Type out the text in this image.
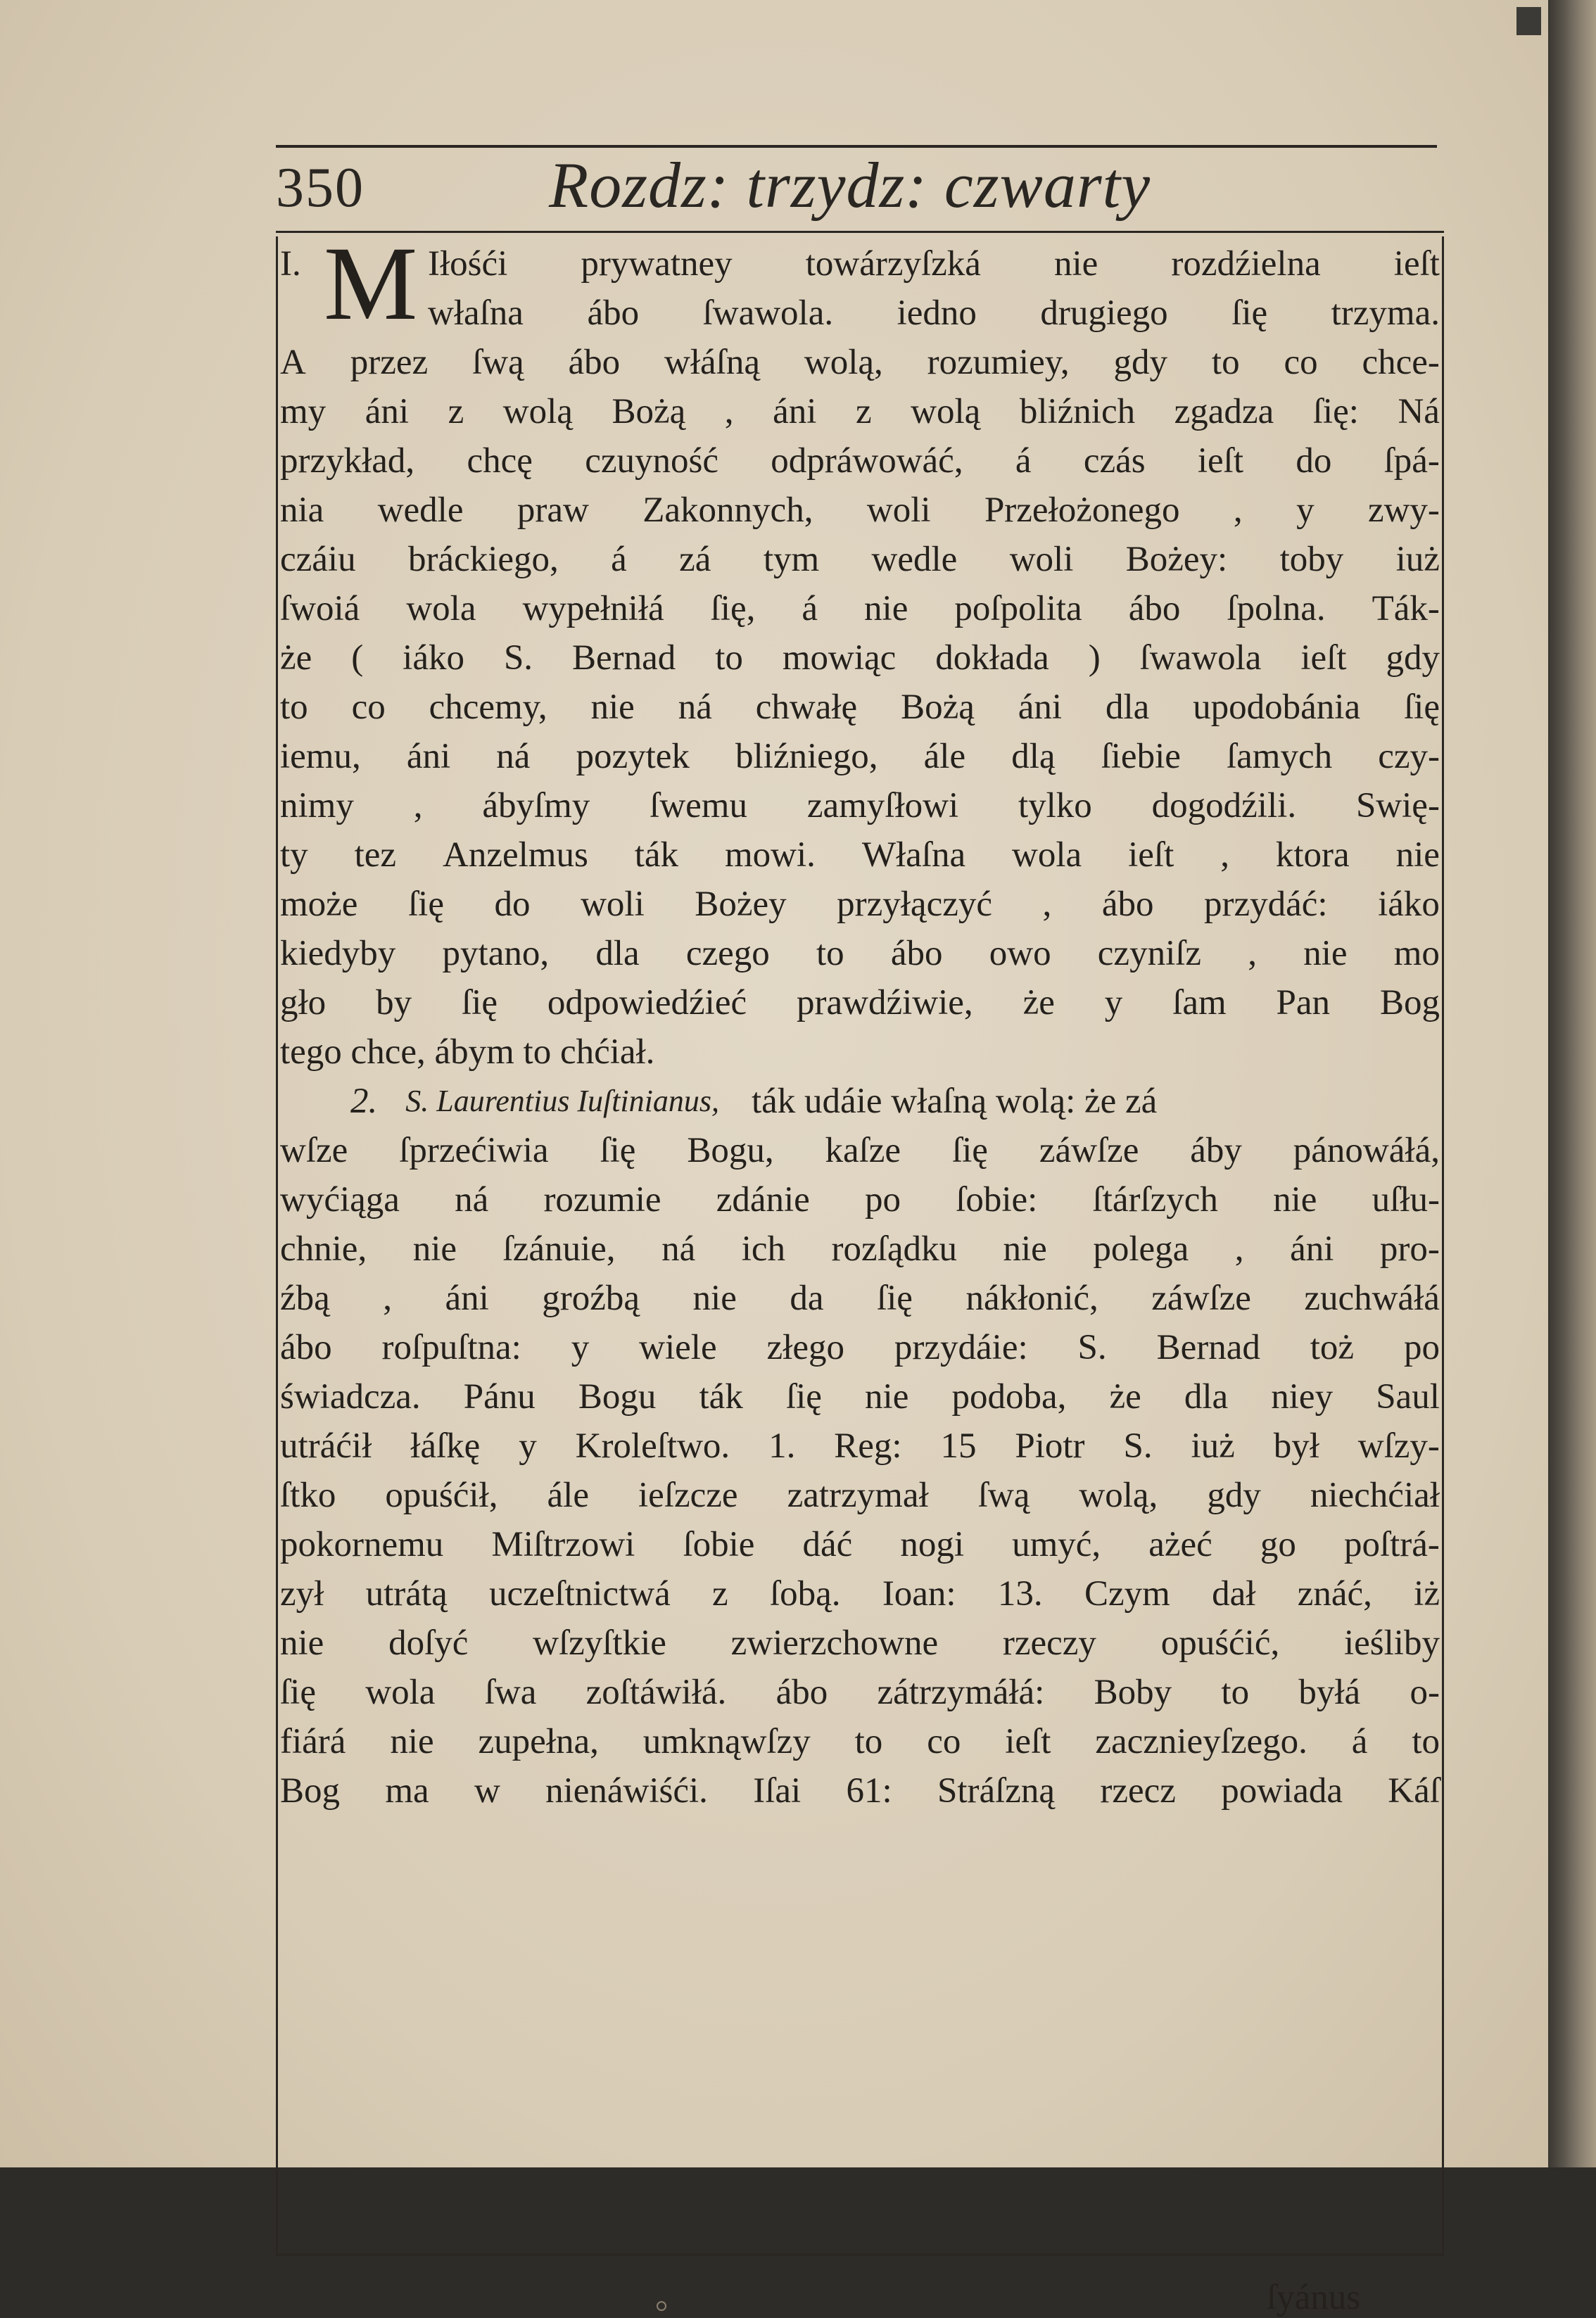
350	Rozdz: trzydz: czwarty
I. M Iłośći prywatney towárzyſzká nie rozdźielna ieſt
właſna ábo ſwawola. iedno drugiego ſię trzyma.
A przez ſwą ábo włáſną wolą, rozumiey, gdy to co chce-
my áni z wolą Bożą , áni z wolą bliźnich zgadza ſię: Ná
przykład, chcę czuyność odpráwowáć, á czás ieſt do ſpá-
nia wedle praw Zakonnych, woli Przełożonego , y zwy-
czáiu bráckiego, á zá tym wedle woli Bożey: toby iuż
ſwoiá wola wypełniłá ſię, á nie poſpolita ábo ſpolna. Ták-
że ( iáko S. Bernad to mowiąc dokłada ) ſwawola ieſt gdy
to co chcemy, nie ná chwałę Bożą áni dla upodobánia ſię
iemu, áni ná pozytek bliźniego, ále dlą ſiebie ſamych czy-
nimy , ábyſmy ſwemu zamyſłowi tylko dogodźili. Swię-
ty tez Anzelmus ták mowi. Właſna wola ieſt , ktora nie
może ſię do woli Bożey przyłączyć , ábo przydáć: iáko
kiedyby pytano, dla czego to ábo owo czyniſz , nie mo
gło by ſię odpowiedźieć prawdźiwie, że y ſam Pan Bog
tego chce, ábym to chćiał.
2. S. Laurentius Iuſtinianus, ták udáie właſną wolą: że zá
wſze ſprzećiwia ſię Bogu, kaſze ſię záwſze áby pánowáłá,
wyćiąga ná rozumie zdánie po ſobie: ſtárſzych nie uſłu-
chnie, nie ſzánuie, ná ich rozſądku nie polega , áni pro-
źbą , áni groźbą nie da ſię nákłonić, záwſze zuchwáłá
ábo roſpuſtna: y wiele złego przydáie: S. Bernad toż po
świadcza. Pánu Bogu ták ſię nie podoba, że dla niey Saul
utráćił łáſkę y Kroleſtwo. 1. Reg: 15 Piotr S. iuż był wſzy-
ſtko opuśćił, ále ieſzcze zatrzymał ſwą wolą, gdy niechćiał
pokornemu Miſtrzowi ſobie dáć nogi umyć, ażeć go poſtrá-
zył utrátą uczeſtnictwá z ſobą. Ioan: 13. Czym dał znáć, iż
nie doſyć wſzyſtkie zwierzchowne rzeczy opuśćić, ieśliby
ſię wola ſwa zoſtáwiłá. ábo zátrzymáłá: Boby to byłá o-
fiárá nie zupełna, umknąwſzy to co ieſt zacznieyſzego. á to
Bog ma w nienáwiśći. Iſai 61: Stráſzną rzecz powiada Káſ
ſyánus
